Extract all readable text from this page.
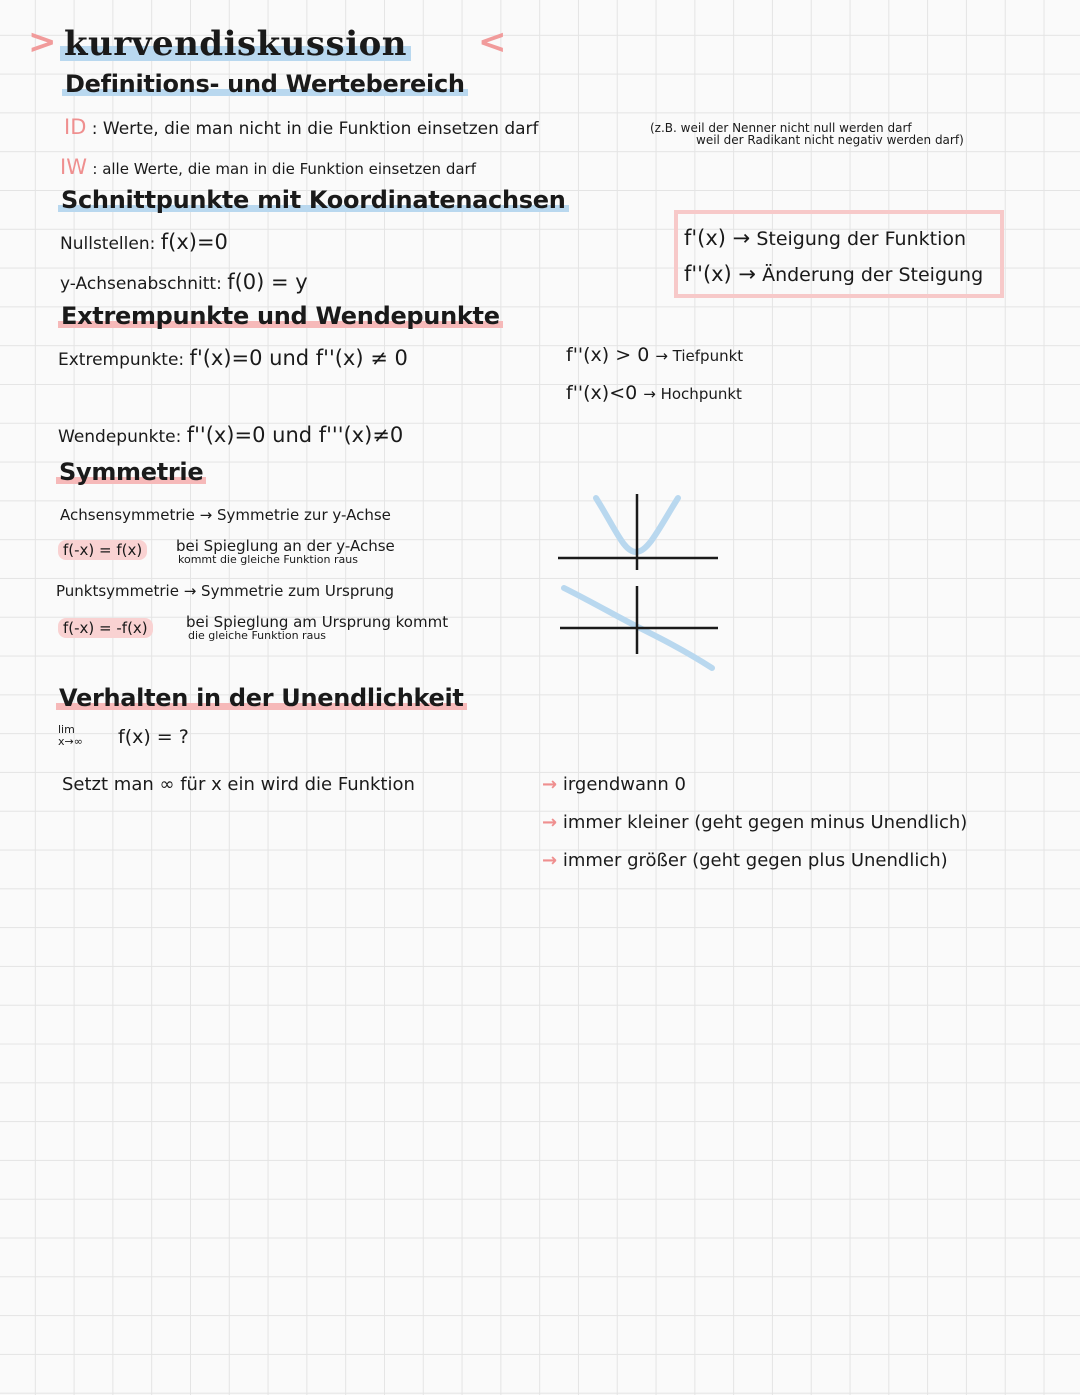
> kurvendiskussion <
Definitions- und Wertebereich
ID : Werte, die man nicht in die Funktion einsetzen darf	(z.B. weil der Nenner nicht null werden darf
weil der Radikant nicht negativ werden darf)
IW : alle Werte, die man in die Funktion einsetzen darf
Schnittpunkte mit Koordinatenachsen
Nullstellen: f(x)=0
y-Achsenabschnitt: f(0) = y
f'(x) → Steigung der Funktion
f''(x) → Änderung der Steigung
Extrempunkte und Wendepunkte
Extrempunkte: f'(x)=0 und f''(x) ≠ 0	f''(x) > 0 → Tiefpunkt
f''(x)<0 → Hochpunkt
Wendepunkte: f''(x)=0 und f'''(x)≠0
Symmetrie
Achsensymmetrie → Symmetrie zur y-Achse
f(-x) = f(x)	bei Spieglung an der y-Achse
kommt die gleiche Funktion raus
Punktsymmetrie → Symmetrie zum Ursprung
f(-x) = -f(x)	bei Spieglung am Ursprung kommt
die gleiche Funktion raus
Verhalten in der Unendlichkeit
lim
x→∞ f(x) = ?
Setzt man ∞ für x ein wird die Funktion	→ irgendwann 0
→ immer kleiner (geht gegen minus Unendlich)
→ immer größer (geht gegen plus Unendlich)
